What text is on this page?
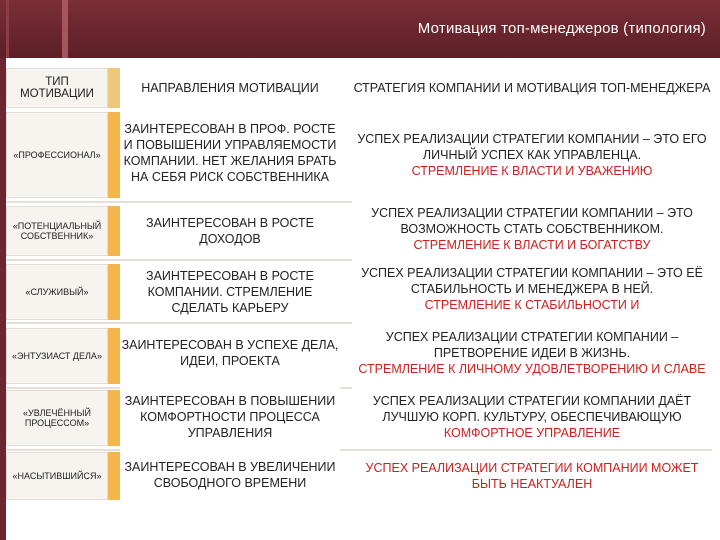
Мотивация топ-менеджеров (типология)
ТИП МОТИВАЦИИ	НАПРАВЛЕНИЯ МОТИВАЦИИ	СТРАТЕГИЯ КОМПАНИИ И МОТИВАЦИЯ ТОП-МЕНЕДЖЕРА
«ПРОФЕССИОНАЛ»
ЗАИНТЕРЕСОВАН В ПРОФ. РОСТЕ И ПОВЫШЕНИИ УПРАВЛЯЕМОСТИ КОМПАНИИ. НЕТ ЖЕЛАНИЯ БРАТЬ НА СЕБЯ РИСК СОБСТВЕННИКА
УСПЕХ РЕАЛИЗАЦИИ СТРАТЕГИИ КОМПАНИИ – ЭТО ЕГО ЛИЧНЫЙ УСПЕХ КАК УПРАВЛЕНЦА.
СТРЕМЛЕНИЕ К ВЛАСТИ И УВАЖЕНИЮ
«ПОТЕНЦИАЛЬНЫЙ СОБСТВЕННИК»
ЗАИНТЕРЕСОВАН В РОСТЕ ДОХОДОВ
УСПЕХ РЕАЛИЗАЦИИ СТРАТЕГИИ КОМПАНИИ – ЭТО ВОЗМОЖНОСТЬ СТАТЬ СОБСТВЕННИКОМ.
СТРЕМЛЕНИЕ К ВЛАСТИ И БОГАТСТВУ
«СЛУЖИВЫЙ»
ЗАИНТЕРЕСОВАН В РОСТЕ КОМПАНИИ. СТРЕМЛЕНИЕ СДЕЛАТЬ КАРЬЕРУ
УСПЕХ РЕАЛИЗАЦИИ СТРАТЕГИИ КОМПАНИИ – ЭТО ЕЁ СТАБИЛЬНОСТЬ И МЕНЕДЖЕРА В НЕЙ.
СТРЕМЛЕНИЕ К СТАБИЛЬНОСТИ И
«ЭНТУЗИАСТ ДЕЛА»
ЗАИНТЕРЕСОВАН В УСПЕХЕ ДЕЛА, ИДЕИ, ПРОЕКТА
УСПЕХ РЕАЛИЗАЦИИ СТРАТЕГИИ КОМПАНИИ – ПРЕТВОРЕНИЕ ИДЕИ В ЖИЗНЬ.
СТРЕМЛЕНИЕ К ЛИЧНОМУ УДОВЛЕТВОРЕНИЮ И СЛАВЕ
«УВЛЕЧЁННЫЙ ПРОЦЕССОМ»
ЗАИНТЕРЕСОВАН В ПОВЫШЕНИИ КОМФОРТНОСТИ ПРОЦЕССА УПРАВЛЕНИЯ
УСПЕХ РЕАЛИЗАЦИИ СТРАТЕГИИ КОМПАНИИ ДАЁТ ЛУЧШУЮ КОРП. КУЛЬТУРУ, ОБЕСПЕЧИВАЮЩУЮ
КОМФОРТНОЕ УПРАВЛЕНИЕ
«НАСЫТИВШИЙСЯ»
ЗАИНТЕРЕСОВАН В УВЕЛИЧЕНИИ СВОБОДНОГО ВРЕМЕНИ
УСПЕХ РЕАЛИЗАЦИИ СТРАТЕГИИ КОМПАНИИ МОЖЕТ БЫТЬ НЕАКТУАЛЕН
